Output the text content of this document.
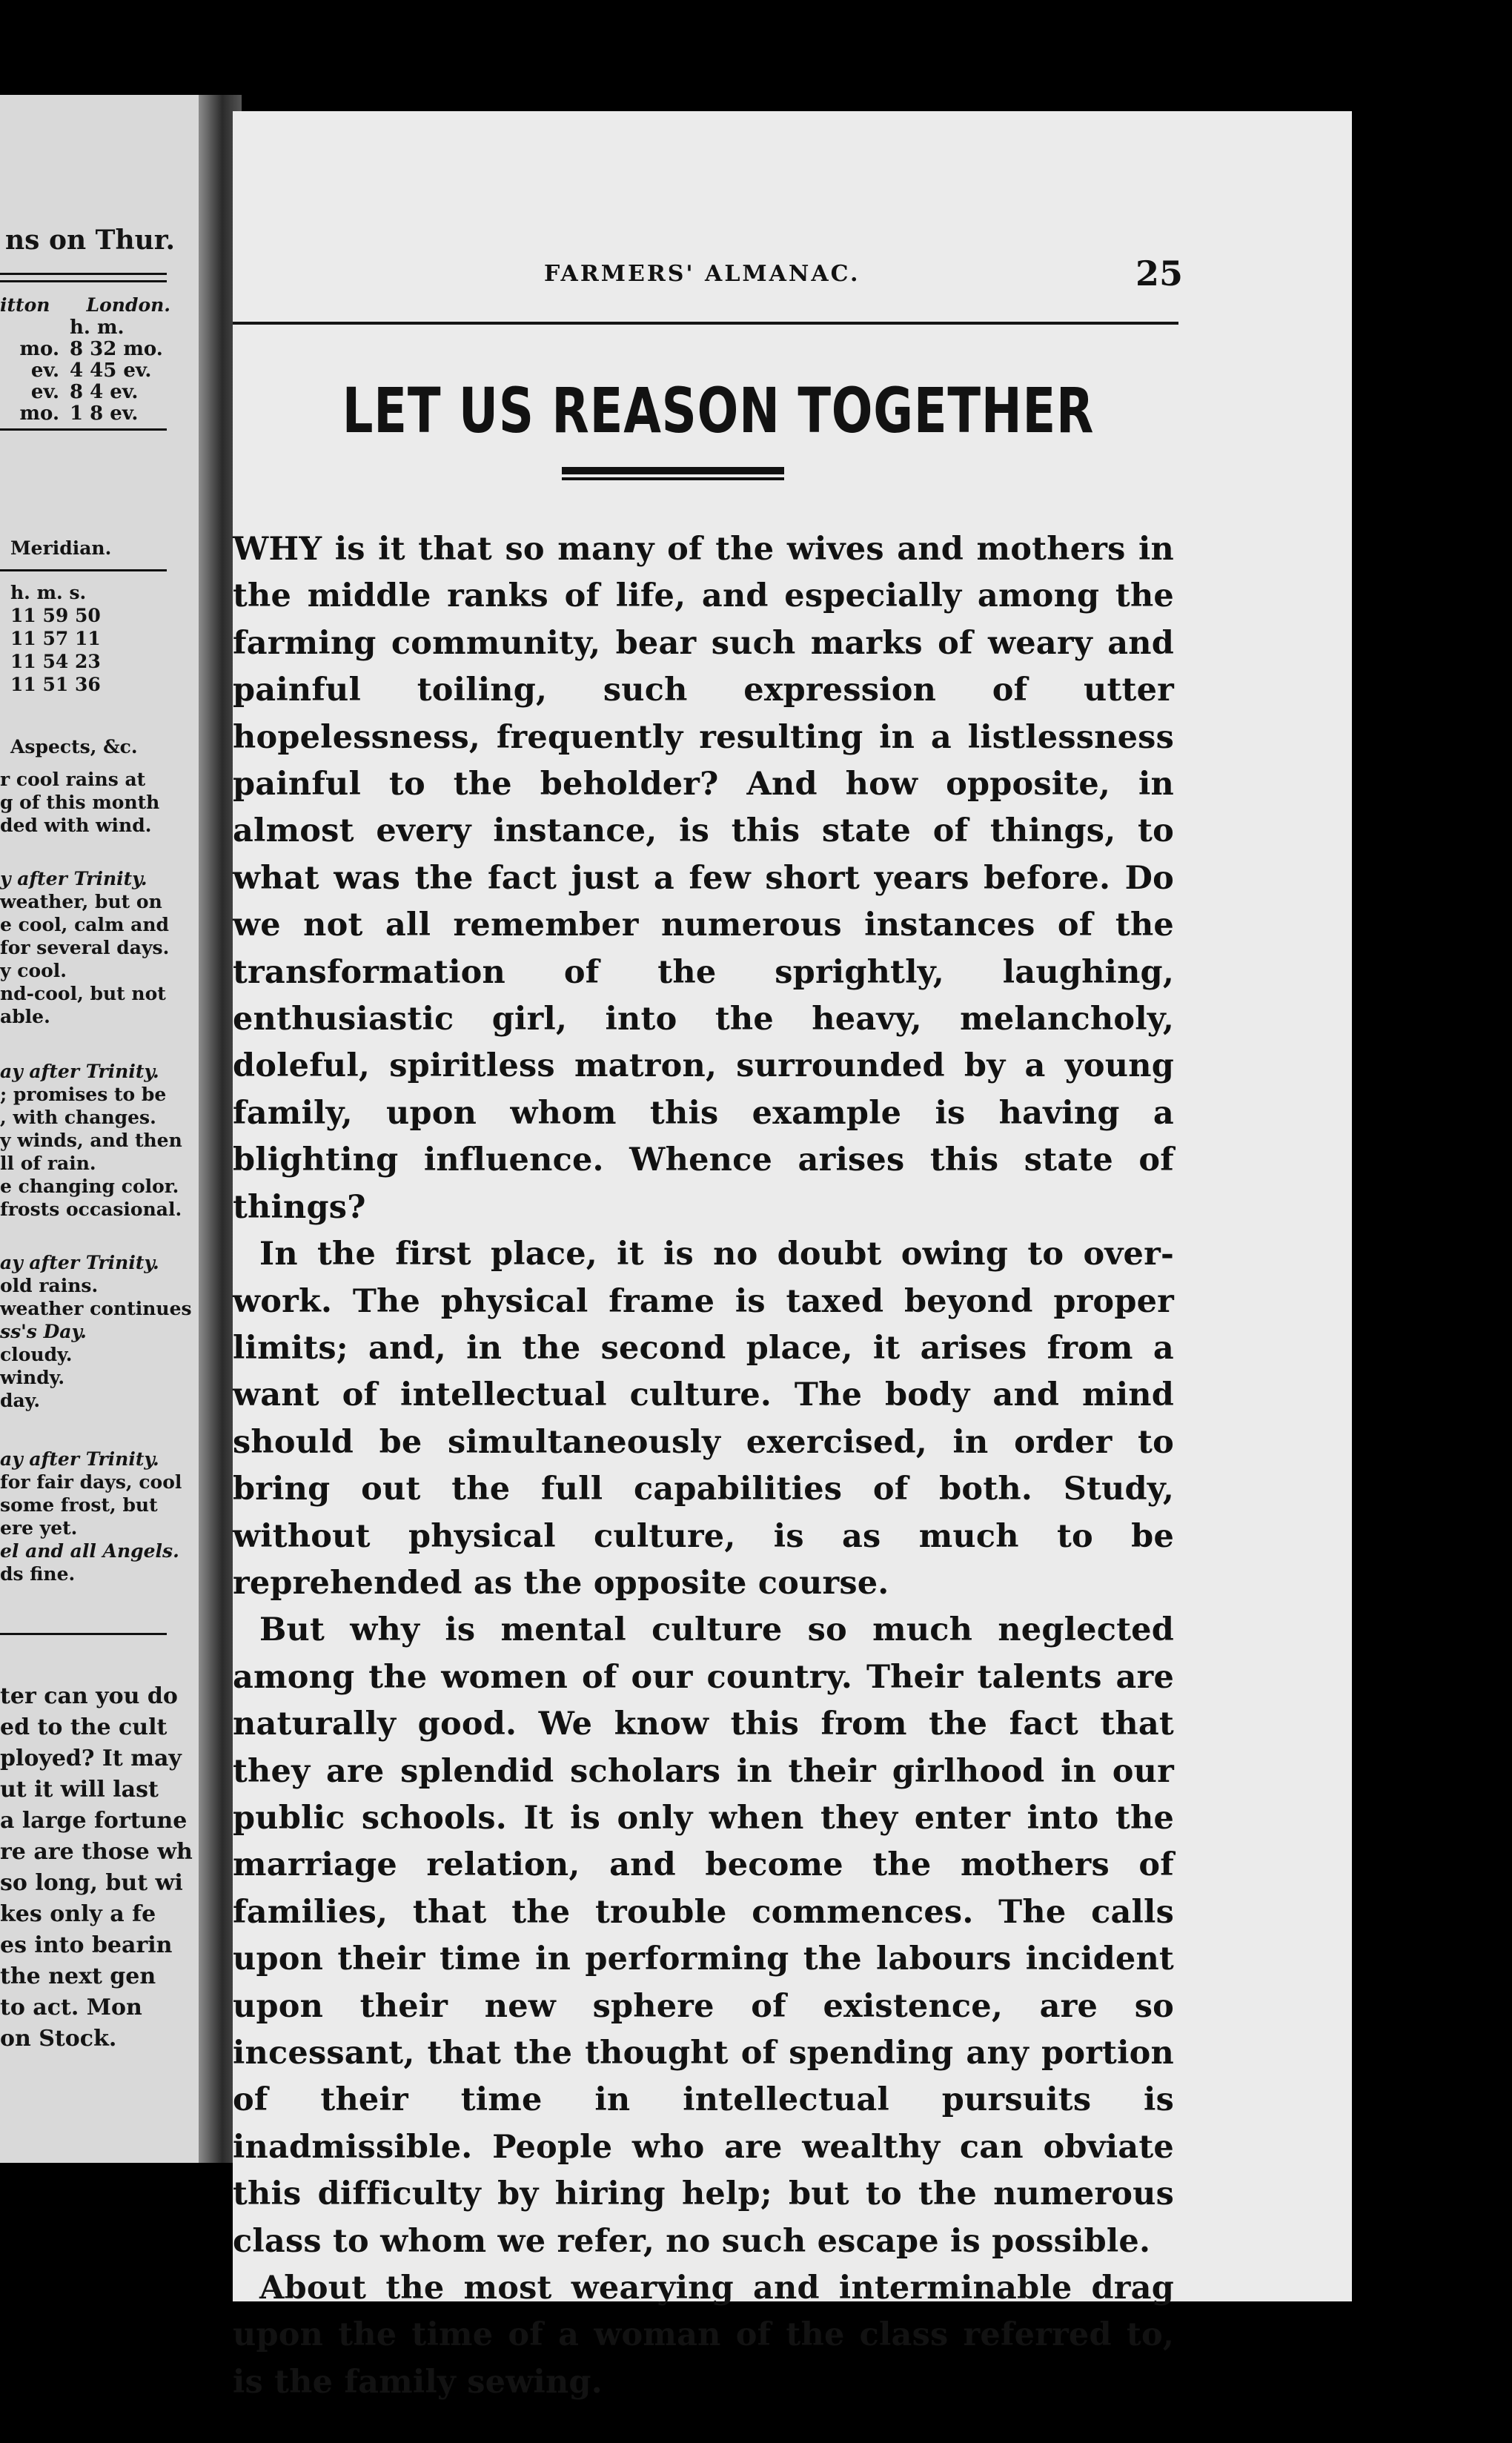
ns on Thur.
itton London.
h. m.
mo. 8 32 mo.
ev. 4 45 ev.
ev. 8 4 ev.
mo. 1 8 ev.
Meridian.
h. m. s.
11 59 50
11 57 11
11 54 23
11 51 36
Aspects, &c.
r cool rains at
g of this month
ded with wind.
y after Trinity.
weather, but on
e cool, calm and
for several days.
y cool.
nd-cool, but not
able.
ay after Trinity.
; promises to be
, with changes.
y winds, and then
ll of rain.
e changing color.
frosts occasional.
ay after Trinity.
old rains.
weather continues
ss's Day.
cloudy.
windy.
day.
ay after Trinity.
for fair days, cool
some frost, but
ere yet.
el and all Angels.
ds fine.
ter can you do
ed to the cult
ployed? It may
ut it will last
a large fortune
re are those wh
so long, but wi
kes only a fe
es into bearin
the next gen
to act. Mon
on Stock.
FARMERS' ALMANAC.	25
LET US REASON TOGETHER

WHY is it that so many of the wives and mothers in the middle ranks of life, and especially among the farming community, bear such marks of weary and painful toiling, such expression of utter hopelessness, frequently resulting in a listlessness painful to the beholder? And how opposite, in almost every instance, is this state of things, to what was the fact just a few short years before. Do we not all remember numerous instances of the transformation of the sprightly, laughing, enthusiastic girl, into the heavy, melancholy, doleful, spiritless matron, surrounded by a young family, upon whom this example is having a blighting influence. Whence arises this state of things?

In the first place, it is no doubt owing to over-work. The physical frame is taxed beyond proper limits; and, in the second place, it arises from a want of intellectual culture. The body and mind should be simultaneously exercised, in order to bring out the full capabilities of both. Study, without physical culture, is as much to be reprehended as the opposite course.

But why is mental culture so much neglected among the women of our country. Their talents are naturally good. We know this from the fact that they are splendid scholars in their girlhood in our public schools. It is only when they enter into the marriage relation, and become the mothers of families, that the trouble commences. The calls upon their time in performing the labours incident upon their new sphere of existence, are so incessant, that the thought of spending any portion of their time in intellectual pursuits is inadmissible. People who are wealthy can obviate this difficulty by hiring help; but to the numerous class to whom we refer, no such escape is possible.

About the most wearying and interminable drag upon the time of a woman of the class referred to, is the family sewing.
